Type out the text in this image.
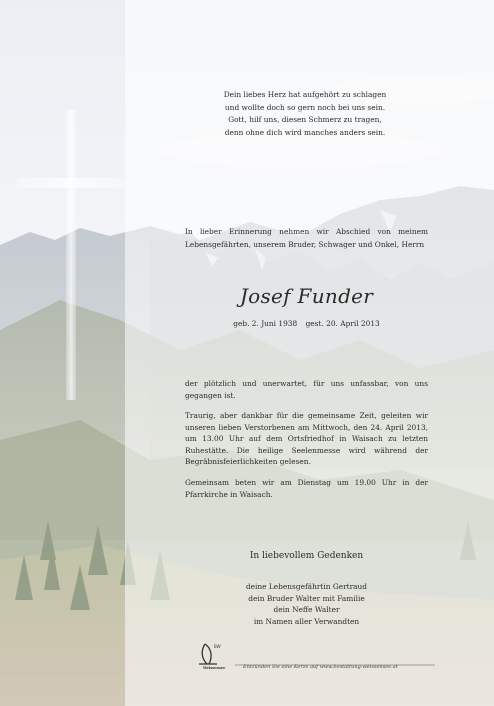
Dein liebes Herz hat aufgehört zu schlagen
und wollte doch so gern noch bei uns sein.
Gott, hilf uns, diesen Schmerz zu tragen,
denn ohne dich wird manches anders sein.
In lieber Erinnerung nehmen wir Abschied von meinem Lebensgefährten, unserem Bruder, Schwager und Onkel, Herrn
Josef Funder
geb. 2. Juni 1938 gest. 20. April 2013
der plötzlich und unerwartet, für uns unfassbar, von uns gegangen ist.
Traurig, aber dankbar für die gemeinsame Zeit, geleiten wir unseren lieben Verstorbenen am Mittwoch, den 24. April 2013, um 13.00 Uhr auf dem Ortsfriedhof in Waisach zu letzten Ruhestätte. Die heilige Seelenmesse wird während der Begräbnisfeierlichkeiten gelesen.
Gemeinsam beten wir am Dienstag um 19.00 Uhr in der Pfarrkirche in Waisach.
In liebevollem Gedenken
deine Lebensgefährtin Gertraud
dein Bruder Walter mit Familie
dein Neffe Walter
im Namen aller Verwandten
BW
Weissensee	Entzünden Sie eine Kerze auf www.bestattung-weissensee.at
